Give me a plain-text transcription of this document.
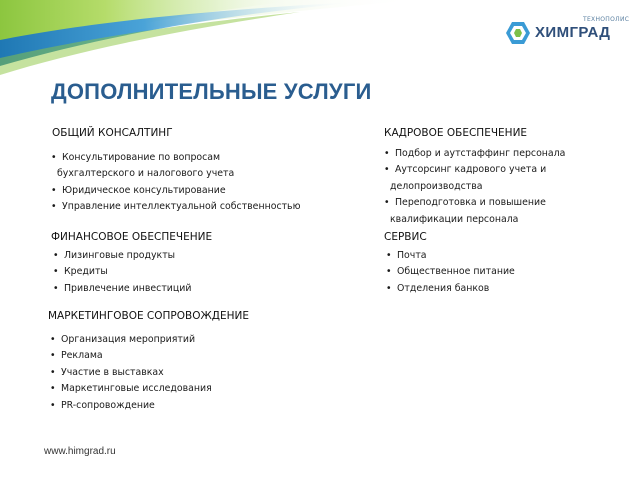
ТЕХНОПОЛИС
ХИМГРАД
ДОПОЛНИТЕЛЬНЫЕ УСЛУГИ
ОБЩИЙ КОНСАЛТИНГ
• Консультирование по вопросам
бухгалтерского и налогового учета
• Юридическое консультирование
• Управление интеллектуальной собственностью
КАДРОВОЕ ОБЕСПЕЧЕНИЕ
• Подбор и аутстаффинг персонала
• Аутсорсинг кадрового учета и
делопроизводства
• Переподготовка и повышение
квалификации персонала
ФИНАНСОВОЕ ОБЕСПЕЧЕНИЕ
• Лизинговые продукты
• Кредиты
• Привлечение инвестиций
СЕРВИС
• Почта
• Общественное питание
• Отделения банков
МАРКЕТИНГОВОЕ СОПРОВОЖДЕНИЕ
• Организация мероприятий
• Реклама
• Участие в выставках
• Маркетинговые исследования
• PR-сопровождение
www.himgrad.ru
